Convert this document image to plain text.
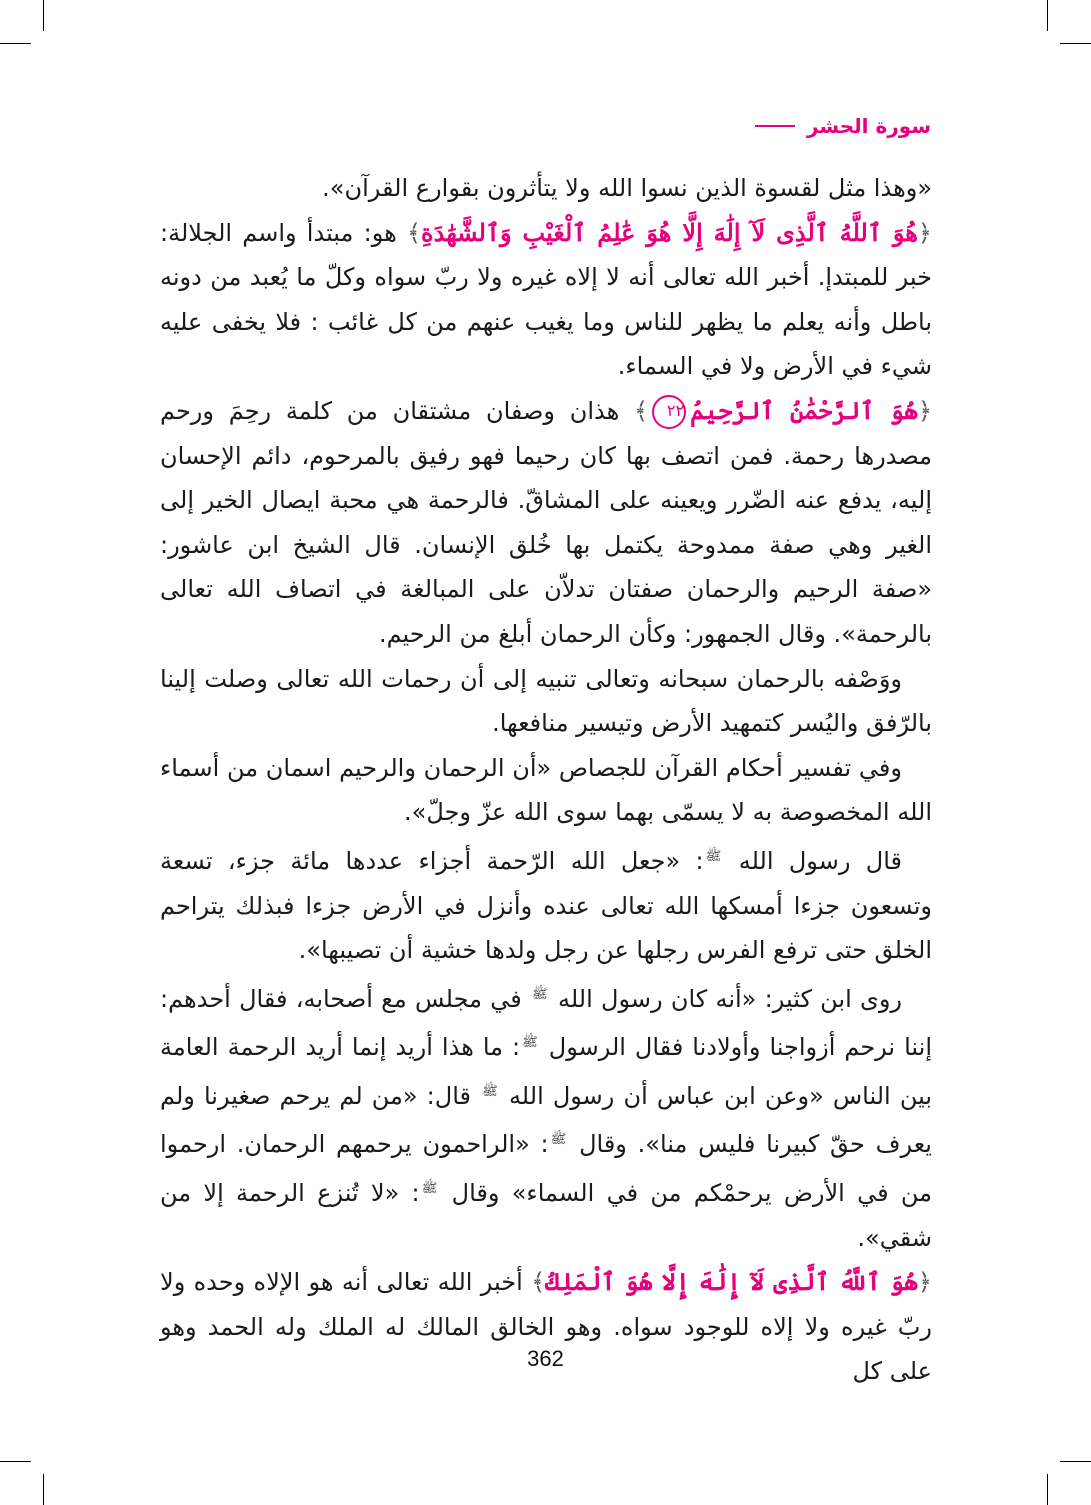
سورة الحشر

«وهذا مثل لقسوة الذين نسوا الله ولا يتأثرون بقوارع القرآن».

﴿هُوَ ٱللَّهُ ٱلَّذِى لَآ إِلَٰهَ إِلَّا هُوَ عَٰلِمُ ٱلْغَيْبِ وَٱلشَّهَٰدَةِ﴾ هو: مبتدأ واسم الجلالة: خبر للمبتدإ. أخبر الله تعالى أنه لا إلاه غيره ولا ربّ سواه وكلّ ما يُعبد من دونه باطل وأنه يعلم ما يظهر للناس وما يغيب عنهم من كل غائب : فلا يخفى عليه شيء في الأرض ولا في السماء.

﴿هُوَ ٱلرَّحْمَٰنُ ٱلرَّحِيمُ٢٢﴾ هذان وصفان مشتقان من كلمة رحِمَ ورحم مصدرها رحمة. فمن اتصف بها كان رحيما فهو رفيق بالمرحوم، دائم الإحسان إليه، يدفع عنه الضّرر ويعينه على المشاقّ. فالرحمة هي محبة ايصال الخير إلى الغير وهي صفة ممدوحة يكتمل بها خُلق الإنسان. قال الشيخ ابن عاشور: «صفة الرحيم والرحمان صفتان تدلاّن على المبالغة في اتصاف الله تعالى بالرحمة». وقال الجمهور: وكأن الرحمان أبلغ من الرحيم.

ووَصْفه بالرحمان سبحانه وتعالى تنبيه إلى أن رحمات الله تعالى وصلت إلينا بالرّفق واليُسر كتمهيد الأرض وتيسير منافعها.

وفي تفسير أحكام القرآن للجصاص «أن الرحمان والرحيم اسمان من أسماء الله المخصوصة به لا يسمّى بهما سوى الله عزّ وجلّ».

قال رسول الله $^ﷺ$: «جعل الله الرّحمة أجزاء عددها مائة جزء، تسعة وتسعون جزءا أمسكها الله تعالى عنده وأنزل في الأرض جزءا فبذلك يتراحم الخلق حتى ترفع الفرس رجلها عن رجل ولدها خشية أن تصيبها».

روى ابن كثير: «أنه كان رسول الله $^ﷺ$ في مجلس مع أصحابه، فقال أحدهم: إننا نرحم أزواجنا وأولادنا فقال الرسول $^ﷺ$: ما هذا أريد إنما أريد الرحمة العامة بين الناس «وعن ابن عباس أن رسول الله $^ﷺ$ قال: «من لم يرحم صغيرنا ولم يعرف حقّ كبيرنا فليس منا». وقال $^ﷺ$: «الراحمون يرحمهم الرحمان. ارحموا من في الأرض يرحمْكم من في السماء» وقال $^ﷺ$: «لا تُنزع الرحمة إلا من شقي».

﴿هُوَ ٱللَّهُ ٱلَّذِى لَآ إِلَٰهَ إِلَّا هُوَ ٱلْمَلِكُ﴾ أخبر الله تعالى أنه هو الإلاه وحده ولا ربّ غيره ولا إلاه للوجود سواه. وهو الخالق المالك له الملك وله الحمد وهو على كل

362
